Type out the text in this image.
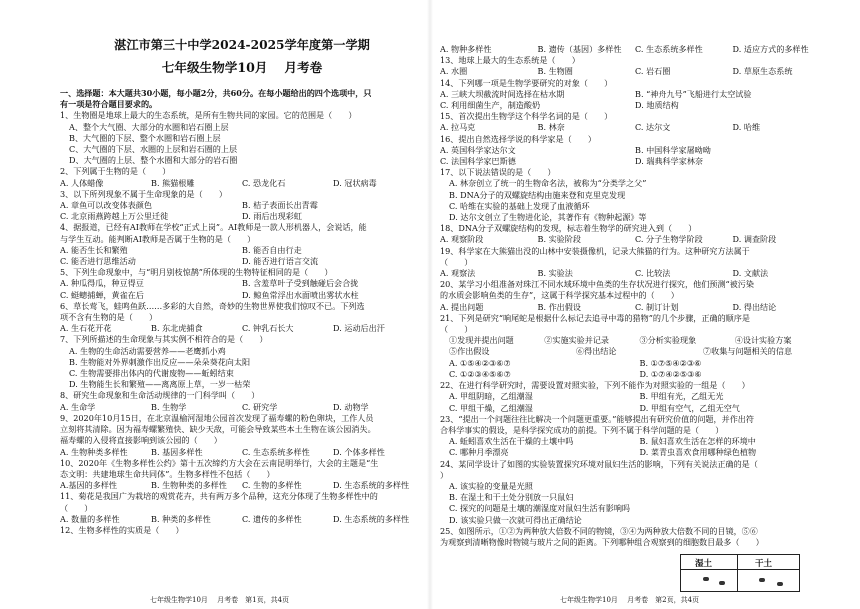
湛江市第三十中学2024-2025学年度第一学期
七年级生物学10月　 月考卷
一、选择题：本大题共30小题，每小题2分，共60分。在每小题给出的四个选项中，只
有一项是符合题目要求的。
1、生物圈是地球上最大的生态系统，是所有生物共同的家园。它的范围是（　　）
A、整个大气圈、大部分的水圈和岩石圈上层
B、大气圈的下层、整个水圈和岩石圈上层
C、大气圈的下层、水圈的上层和岩石圈的上层
D、大气圈的上层、整个水圈和大部分的岩石圈
2、下列属于生物的是（　　）
A. 人体蜡像	B. 熊猫根雕	C. 恐龙化石	D. 冠状病毒
3、以下所列现象不属于生命现象的是（　　）
A. 章鱼可以改变体表颜色	B. 桔子表面长出青霉
C. 北京雨燕跨越上万公里迁徙	D. 雨后出现彩虹
4、据报道，已经有AI教师在学校“正式上岗”。AI教师是一款人形机器人，会说话，能
与学生互动。能判断AI教师是否属于生物的是（　　）
A. 能否生长和繁殖	B. 能否自由行走
C. 能否进行思维活动	D. 能否进行语言交流
5、下列生命现象中，与“明月别枝惊鹊”所体现的生物特征相同的是（　　）
A. 种瓜得瓜，种豆得豆	B. 含羞草叶子受到触碰后会合拢
C. 蜓蟌捕蝉，黄雀在后	D. 鲸鱼常浮出水面喷出雾状水柱
6、草长莺飞，蛙鸣鱼跃……多彩的大自然，奇妙的生物世界使我们惊叹不已。下列选
项不含有生物的是（　　）
A. 生石花开花	B. 东北虎捕食	C. 钟乳石长大	D. 运动后出汗
7、下列所描述的生命现象与其实例不相符合的是（　　）
A. 生物的生命活动需要营养——老鹰抓小鸡
B. 生物能对外界刺激作出反应——朵朵葵花向太阳
C. 生物需要排出体内的代谢废物——蚯蚓结束
D. 生物能生长和繁殖——离离原上草，一岁一枯荣
8、研究生命现象和生命活动规律的一门科学叫（　　）
A. 生命学	B. 生物学	C. 研究学	D. 动物学
9、2020年10月15日，在北京温榆河湿地公园首次发现了福寿螺的粉色卵块，工作人员
立刻将其清除。因为福寿螺繁殖快、缺少天敌，可能会导致某些本土生物在该公园消失。
福寿螺的入侵将直接影响到该公园的（　　）
A. 生物种类多样性	B. 基因多样性	C. 生态系统多样性	D. 个体多样性
10、2020年《生物多样性公约》第十五次缔约方大会在云南昆明举行，大会的主题是“生
态文明：共建地球生命共同体”。生物多样性不包括（　　）
A.基因的多样性	B. 生物种类的多样性	C. 生物的多样性	D. 生态系统的多样性
11、菊花是我国广为栽培的观赏花卉，共有两万多个品种，这充分体现了生物多样性中的
（　　）
A. 数量的多样性	B. 种类的多样性	C. 遗传的多样性	D. 生态系统的多样性
12、生物多样性的实质是（　　）
七年级生物学10月　 月考卷　第1页，共4页
A. 物种多样性	B. 遗传（基因）多样性	C. 生态系统多样性	D. 适应方式的多样性
13、地球上最大的生态系统是（　　）
A. 水圈	B. 生物圈	C. 岩石圈	D. 草原生态系统
14、下列哪一项是生物学要研究的对象（　　）
A. 三峡大坝截流时间选择在枯水期	B. “神舟九号”飞船进行太空试验
C. 利用细菌生产，制造酸奶	D. 地质结构
15、首次提出生物学这个科学名词的是（　　）
A. 拉马克	B. 林奈	C. 达尔文	D. 哈维
16、提出自然选择学说的科学家是（　　）
A. 英国科学家达尔文	B. 中国科学家屠呦呦
C. 法国科学家巴斯德	D. 瑞典科学家林奈
17、以下说法错误的是（　　）
A. 林奈创立了统一的生物命名法，被称为“分类学之父”
B. DNA分子的双螺旋结构由施来登和克里克发现
C. 哈维在实验的基础上发现了血液循环
D. 达尔文创立了生物进化论，其著作有《物种起源》等
18、DNA分子双螺旋结构的发现，标志着生物学的研究进入到（　　）
A. 观察阶段	B. 实验阶段	C. 分子生物学阶段	D. 调查阶段
19、科学家在大熊猫出没的山林中安装摄像机，记录大熊猫的行为。这种研究方法属于
（　　）
A. 观察法	B. 实验法	C. 比较法	D. 文献法
20、某学习小组准备对珠江不同水域环境中鱼类的生存状况进行探究，他们预测“被污染
的水质会影响鱼类的生存”，这属于科学探究基本过程中的（　　）
A. 提出问题	B. 作出假设	C. 制订计划	D. 得出结论
21、下列是研究“响尾蛇是根据什么标记去追寻中毒的猎物”的几个步骤，正确的顺序是
（　　）
①发现并提出问题	②实施实验并记录	③分析实验现象	④设计实验方案
⑤作出假设	⑥得出结论	⑦收集与问题相关的信息
A. ①⑤④②③⑥⑦	B. ①⑦⑤④②③⑥
C. ①②③④⑤⑥⑦	D. ①⑦④②⑤③⑥
22、在进行科学研究时，需要设置对照实验，下列不能作为对照实验的一组是（　　）
A. 甲组阴暗，乙组潮湿	B. 甲组有光，乙组无光
C. 甲组干燥，乙组潮湿	D. 甲组有空气，乙组无空气
23、“提出一个问题往往比解决一个问题更重要。”能够提出有研究价值的问题，并作出符
合科学事实的假设，是科学探究成功的前提。下列不属于科学问题的是（　　）
A. 蚯蚓喜欢生活在干燥的土壤中吗	B. 鼠妇喜欢生活在怎样的环境中
C. 哪种月季漂亮	D. 菜青虫喜欢食用哪种绿色植物
24、某同学设计了如图的实验装置探究环境对鼠妇生活的影响，下列有关说法正确的是（
）
A. 该实验的变量是光照
B. 在湿土和干土处分别放一只鼠妇
C. 探究的问题是土壤的潮湿度对鼠妇生活有影响吗
D. 该实验只做一次就可得出正确结论
25、如图所示，①②为两种放大倍数不同的物镜，③④为两种放大倍数不同的目镜，⑤⑥
为观察到清晰物像时物镜与玻片之间的距离。下列哪种组合观察到的细胞数目最多（　　）
湿土	干土
七年级生物学10月　 月考卷　第2页，共4页
